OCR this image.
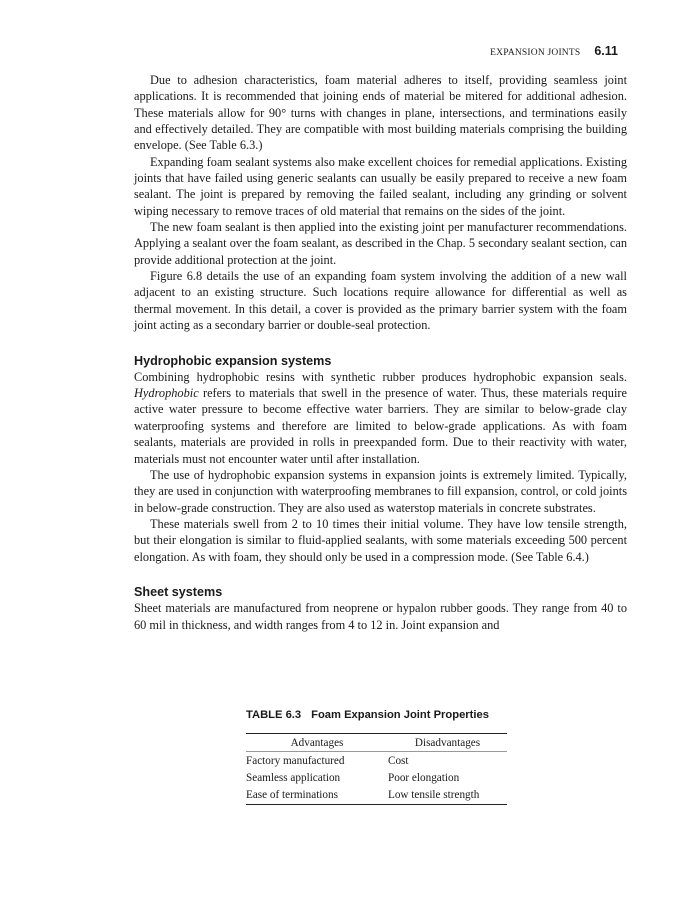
EXPANSION JOINTS 6.11

Due to adhesion characteristics, foam material adheres to itself, providing seamless joint applications. It is recommended that joining ends of material be mitered for additional adhesion. These materials allow for 90° turns with changes in plane, intersections, and terminations easily and effectively detailed. They are compatible with most building materials comprising the building envelope. (See Table 6.3.)

Expanding foam sealant systems also make excellent choices for remedial applications. Existing joints that have failed using generic sealants can usually be easily prepared to receive a new foam sealant. The joint is prepared by removing the failed sealant, including any grinding or solvent wiping necessary to remove traces of old material that remains on the sides of the joint.

The new foam sealant is then applied into the existing joint per manufacturer recommendations. Applying a sealant over the foam sealant, as described in the Chap. 5 secondary sealant section, can provide additional protection at the joint.

Figure 6.8 details the use of an expanding foam system involving the addition of a new wall adjacent to an existing structure. Such locations require allowance for differential as well as thermal movement. In this detail, a cover is provided as the primary barrier system with the foam joint acting as a secondary barrier or double-seal protection.

Hydrophobic expansion systems

Combining hydrophobic resins with synthetic rubber produces hydrophobic expansion seals. Hydrophobic refers to materials that swell in the presence of water. Thus, these materials require active water pressure to become effective water barriers. They are similar to below-grade clay waterproofing systems and therefore are limited to below-grade applications. As with foam sealants, materials are provided in rolls in preexpanded form. Due to their reactivity with water, materials must not encounter water until after installation.

The use of hydrophobic expansion systems in expansion joints is extremely limited. Typically, they are used in conjunction with waterproofing membranes to fill expansion, control, or cold joints in below-grade construction. They are also used as waterstop materials in concrete substrates.

These materials swell from 2 to 10 times their initial volume. They have low tensile strength, but their elongation is similar to fluid-applied sealants, with some materials exceeding 500 percent elongation. As with foam, they should only be used in a compression mode. (See Table 6.4.)

Sheet systems

Sheet materials are manufactured from neoprene or hypalon rubber goods. They range from 40 to 60 mil in thickness, and width ranges from 4 to 12 in. Joint expansion and

TABLE 6.3 Foam Expansion Joint Properties
Advantages	Disadvantages
Factory manufactured	Cost
Seamless application	Poor elongation
Ease of terminations	Low tensile strength
